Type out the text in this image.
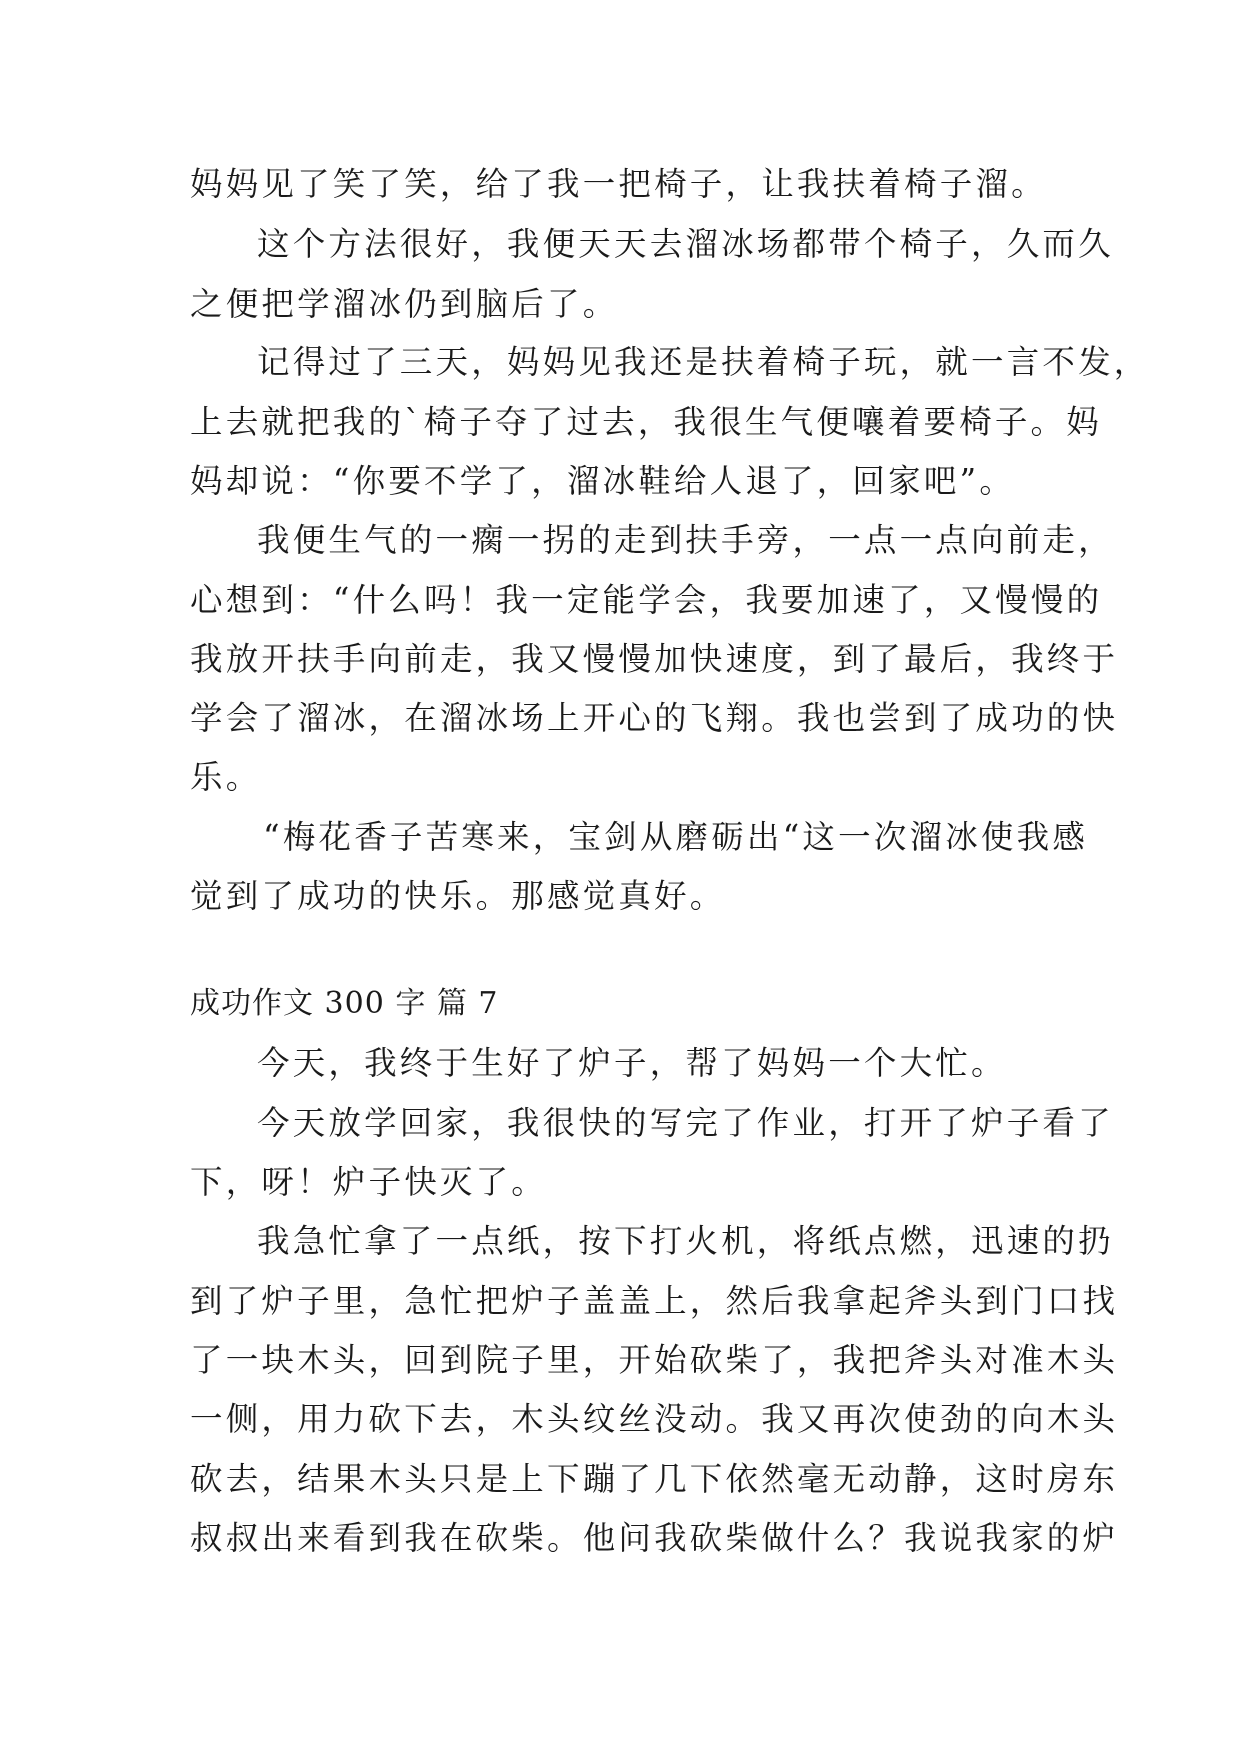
妈妈见了笑了笑，给了我一把椅子，让我扶着椅子溜。
这个方法很好，我便天天去溜冰场都带个椅子，久而久
之便把学溜冰仍到脑后了。
记得过了三天，妈妈见我还是扶着椅子玩，就一言不发，
上去就把我的`椅子夺了过去，我很生气便嚷着要椅子。妈
妈却说：“你要不学了，溜冰鞋给人退了，回家吧”。
我便生气的一瘸一拐的走到扶手旁，一点一点向前走，
心想到：“什么吗！我一定能学会，我要加速了，又慢慢的
我放开扶手向前走，我又慢慢加快速度，到了最后，我终于
学会了溜冰，在溜冰场上开心的飞翔。我也尝到了成功的快
乐。
“梅花香子苦寒来，宝剑从磨砺出“这一次溜冰使我感
觉到了成功的快乐。那感觉真好。
成功作文 300 字 篇 7
今天，我终于生好了炉子，帮了妈妈一个大忙。
今天放学回家，我很快的写完了作业，打开了炉子看了
下，呀！炉子快灭了。
我急忙拿了一点纸，按下打火机，将纸点燃，迅速的扔
到了炉子里，急忙把炉子盖盖上，然后我拿起斧头到门口找
了一块木头，回到院子里，开始砍柴了，我把斧头对准木头
一侧，用力砍下去，木头纹丝没动。我又再次使劲的向木头
砍去，结果木头只是上下蹦了几下依然毫无动静，这时房东
叔叔出来看到我在砍柴。他问我砍柴做什么？我说我家的炉
